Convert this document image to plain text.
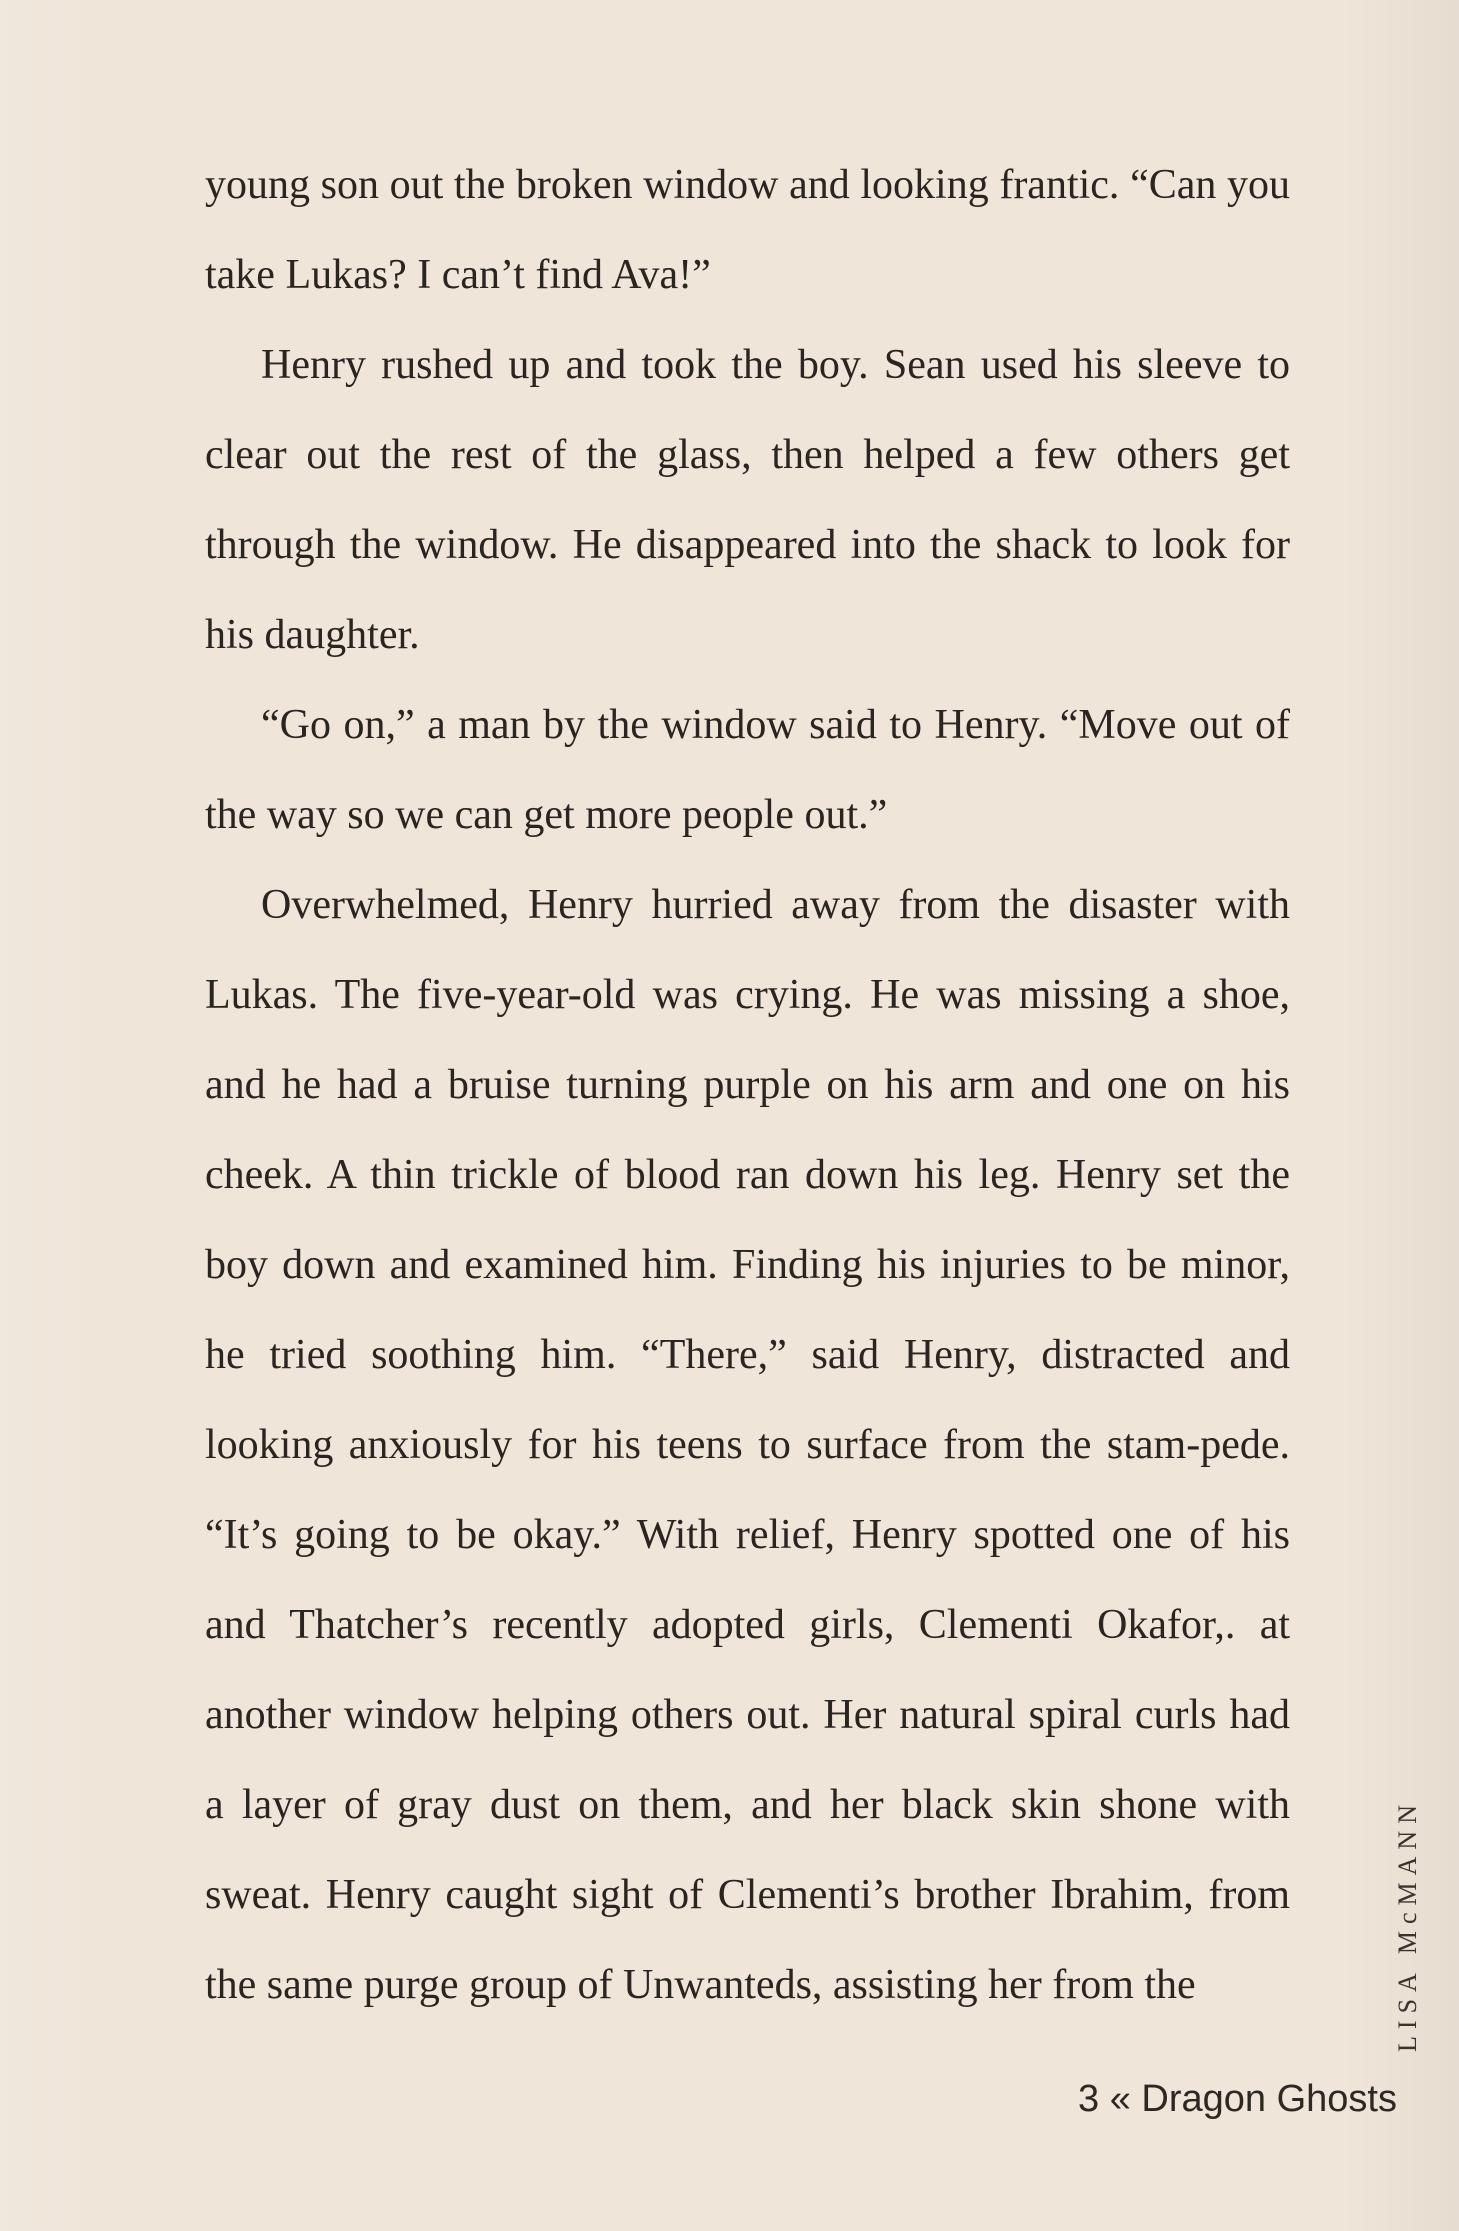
young son out the broken window and looking frantic. “Can you take Lukas? I can’t find Ava!”

Henry rushed up and took the boy. Sean used his sleeve to clear out the rest of the glass, then helped a few others get through the window. He disappeared into the shack to look for his daughter.

“Go on,” a man by the window said to Henry. “Move out of the way so we can get more people out.”

Overwhelmed, Henry hurried away from the disaster with Lukas. The five-year-old was crying. He was missing a shoe, and he had a bruise turning purple on his arm and one on his cheek. A thin trickle of blood ran down his leg. Henry set the boy down and examined him. Finding his injuries to be minor, he tried soothing him. “There,” said Henry, distracted and looking anxiously for his teens to surface from the stam-pede. “It’s going to be okay.” With relief, Henry spotted one of his and Thatcher’s recently adopted girls, Clementi Okafor,. at another window helping others out. Her natural spiral curls had a layer of gray dust on them, and her black skin shone with sweat. Henry caught sight of Clementi’s brother Ibrahim, from the same purge group of Unwanteds, assisting her from the	LISA McMANN
3 « Dragon Ghosts
